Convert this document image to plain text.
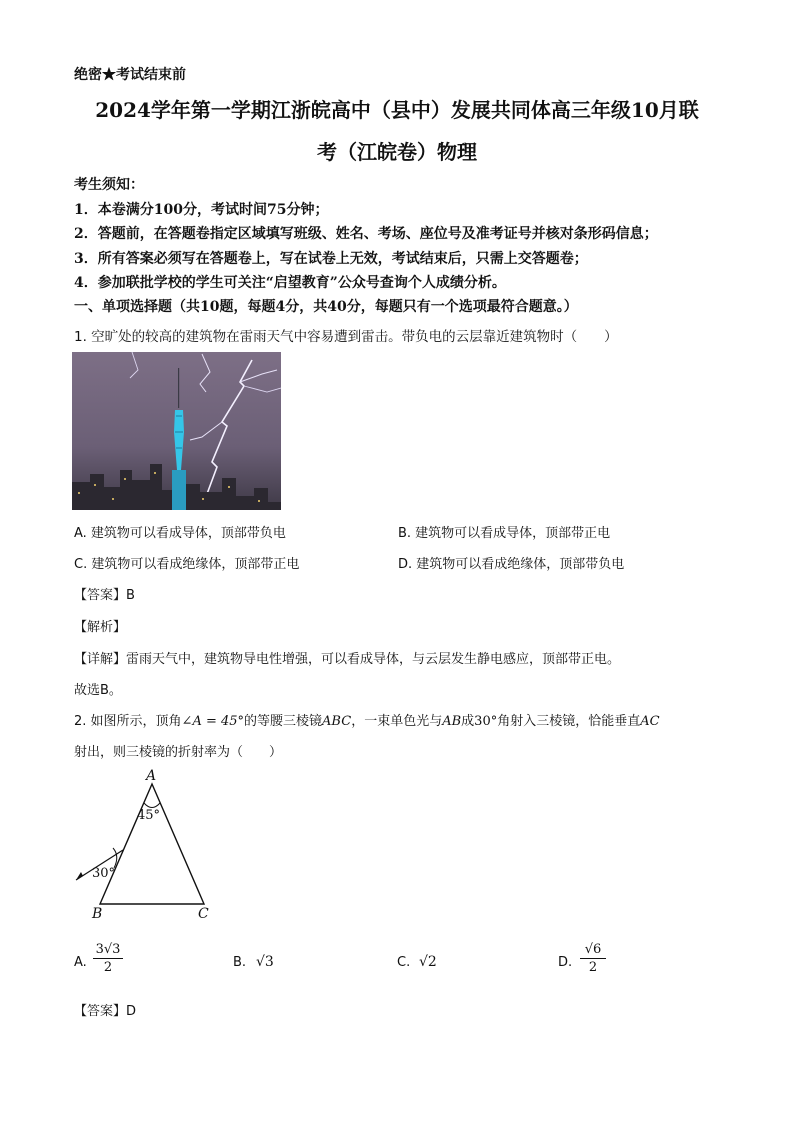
绝密★考试结束前
2024学年第一学期江浙皖高中（县中）发展共同体高三年级10月联
考（江皖卷）物理
考生须知：
1．本卷满分100分，考试时间75分钟；
2．答题前，在答题卷指定区域填写班级、姓名、考场、座位号及准考证号并核对条形码信息；
3．所有答案必须写在答题卷上，写在试卷上无效，考试结束后，只需上交答题卷；
4．参加联批学校的学生可关注“启望教育”公众号查询个人成绩分析。
一、单项选择题（共10题，每题4分，共40分，每题只有一个选项最符合题意。）
1. 空旷处的较高的建筑物在雷雨天气中容易遭到雷击。带负电的云层靠近建筑物时（　　）
A. 建筑物可以看成导体，顶部带负电	B. 建筑物可以看成导体，顶部带正电
C. 建筑物可以看成绝缘体，顶部带正电	D. 建筑物可以看成绝缘体，顶部带负电
【答案】B
【解析】
【详解】雷雨天气中，建筑物导电性增强，可以看成导体，与云层发生静电感应，顶部带正电。
故选B。
2. 如图所示，顶角∠A = 45°的等腰三棱镜ABC，一束单色光与AB成30°角射入三棱镜，恰能垂直AC
射出，则三棱镜的折射率为（　　）
A
45°
30°
B	C
A.
3√3
2	B. √3	C. √2	D.
√6
2
【答案】D
